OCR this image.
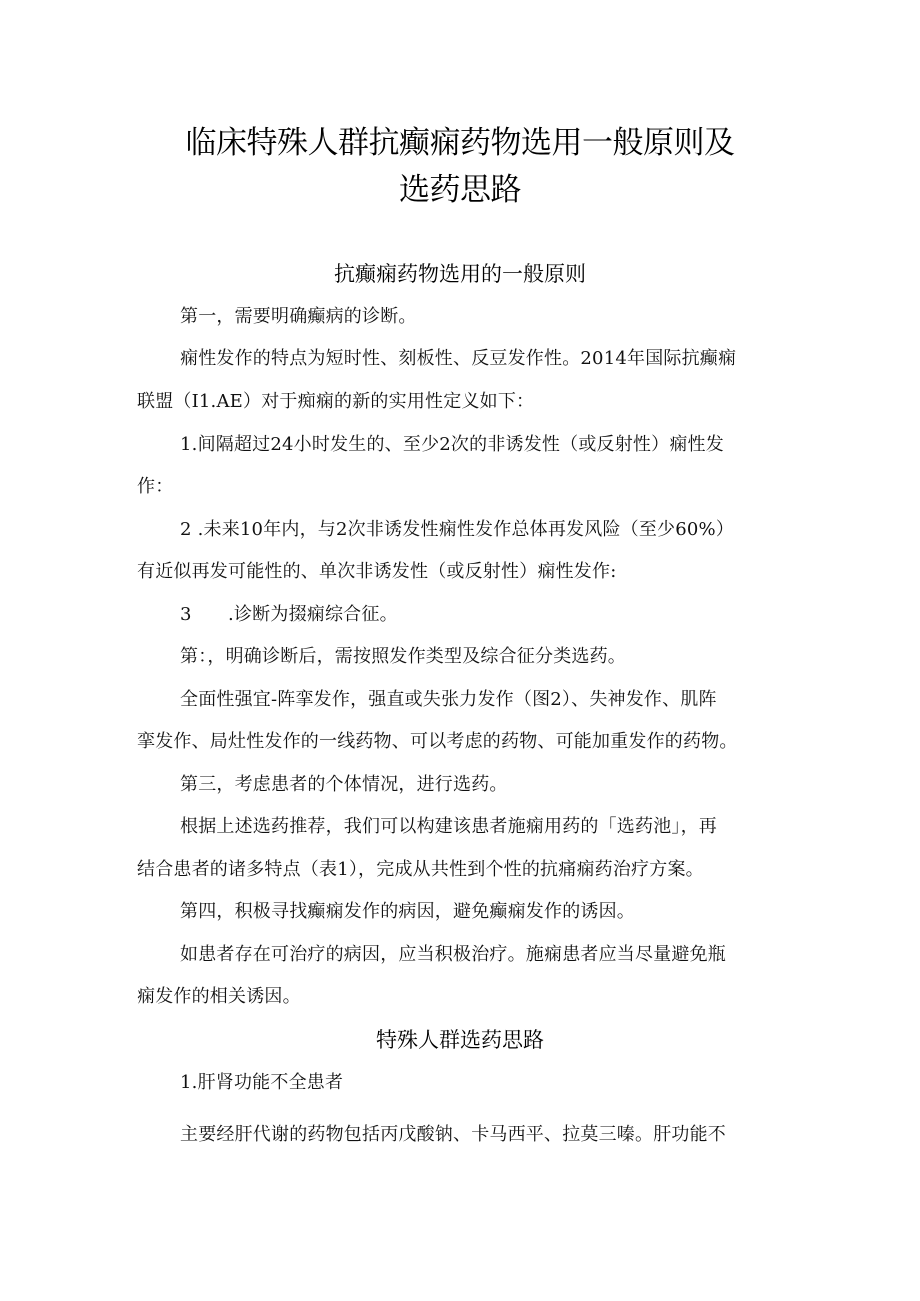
临床特殊人群抗癫痫药物选用一般原则及
选药思路
抗癫痫药物选用的一般原则
第一，需要明确癫病的诊断。
痫性发作的特点为短时性、刻板性、反豆发作性。2014年国际抗癫痫
联盟（I1.AE）对于痴痫的新的实用性定义如下：
1.间隔超过24小时发生的、至少2次的非诱发性（或反射性）痫性发
作：
2 .未来10年内，与2次非诱发性痫性发作总体再发风险（至少60%）
有近似再发可能性的、单次非诱发性（或反射性）痫性发作:
3　　.诊断为掇痫综合征。
第：，明确诊断后，需按照发作类型及综合征分类选药。
全面性强宜-阵挛发作，强直或失张力发作（图2）、失神发作、肌阵
挛发作、局灶性发作的一线药物、可以考虑的药物、可能加重发作的药物。
第三，考虑患者的个体情况，进行选药。
根据上述选药推荐，我们可以构建该患者施痫用药的「选药池」，再
结合患者的诸多特点（表1），完成从共性到个性的抗痛痫药治疗方案。
第四，积极寻找癫痫发作的病因，避免癫痫发作的诱因。
如患者存在可治疗的病因，应当积极治疗。施痫患者应当尽量避免瓶
痫发作的相关诱因。
特殊人群选药思路
1.肝肾功能不全患者
主要经肝代谢的药物包括丙戊酸钠、卡马西平、拉莫三嗪。肝功能不
